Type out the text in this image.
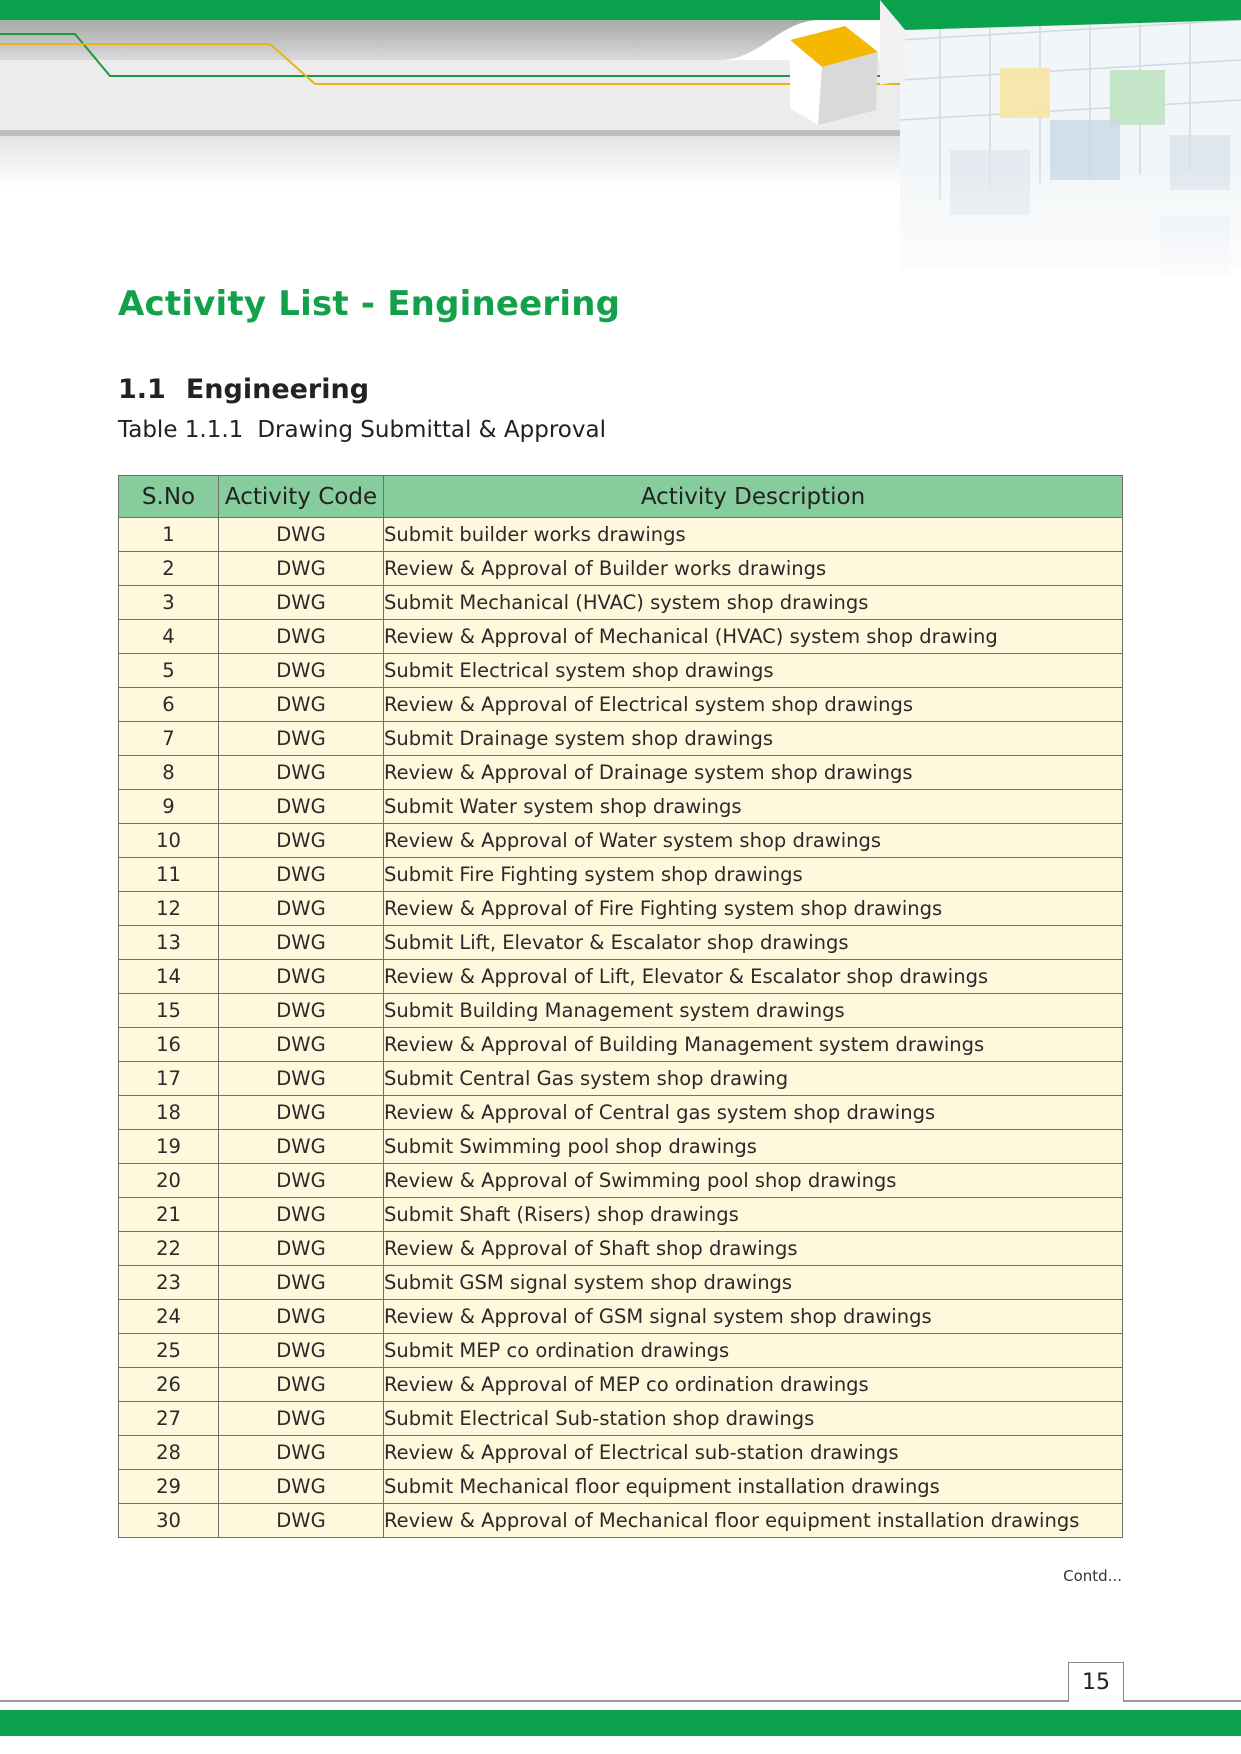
Activity List - Engineering
1.1 Engineering
Table 1.1.1 Drawing Submittal & Approval
S.No	Activity Code	Activity Description
1	DWG	Submit builder works drawings
2	DWG	Review & Approval of Builder works drawings
3	DWG	Submit Mechanical (HVAC) system shop drawings
4	DWG	Review & Approval of Mechanical (HVAC) system shop drawing
5	DWG	Submit Electrical system shop drawings
6	DWG	Review & Approval of Electrical system shop drawings
7	DWG	Submit Drainage system shop drawings
8	DWG	Review & Approval of Drainage system shop drawings
9	DWG	Submit Water system shop drawings
10	DWG	Review & Approval of Water system shop drawings
11	DWG	Submit Fire Fighting system shop drawings
12	DWG	Review & Approval of Fire Fighting system shop drawings
13	DWG	Submit Lift, Elevator & Escalator shop drawings
14	DWG	Review & Approval of Lift, Elevator & Escalator shop drawings
15	DWG	Submit Building Management system drawings
16	DWG	Review & Approval of Building Management system drawings
17	DWG	Submit Central Gas system shop drawing
18	DWG	Review & Approval of Central gas system shop drawings
19	DWG	Submit Swimming pool shop drawings
20	DWG	Review & Approval of Swimming pool shop drawings
21	DWG	Submit Shaft (Risers) shop drawings
22	DWG	Review & Approval of Shaft shop drawings
23	DWG	Submit GSM signal system shop drawings
24	DWG	Review & Approval of GSM signal system shop drawings
25	DWG	Submit MEP co ordination drawings
26	DWG	Review & Approval of MEP co ordination drawings
27	DWG	Submit Electrical Sub-station shop drawings
28	DWG	Review & Approval of Electrical sub-station drawings
29	DWG	Submit Mechanical floor equipment installation drawings
30	DWG	Review & Approval of Mechanical floor equipment installation drawings
Contd...
15
